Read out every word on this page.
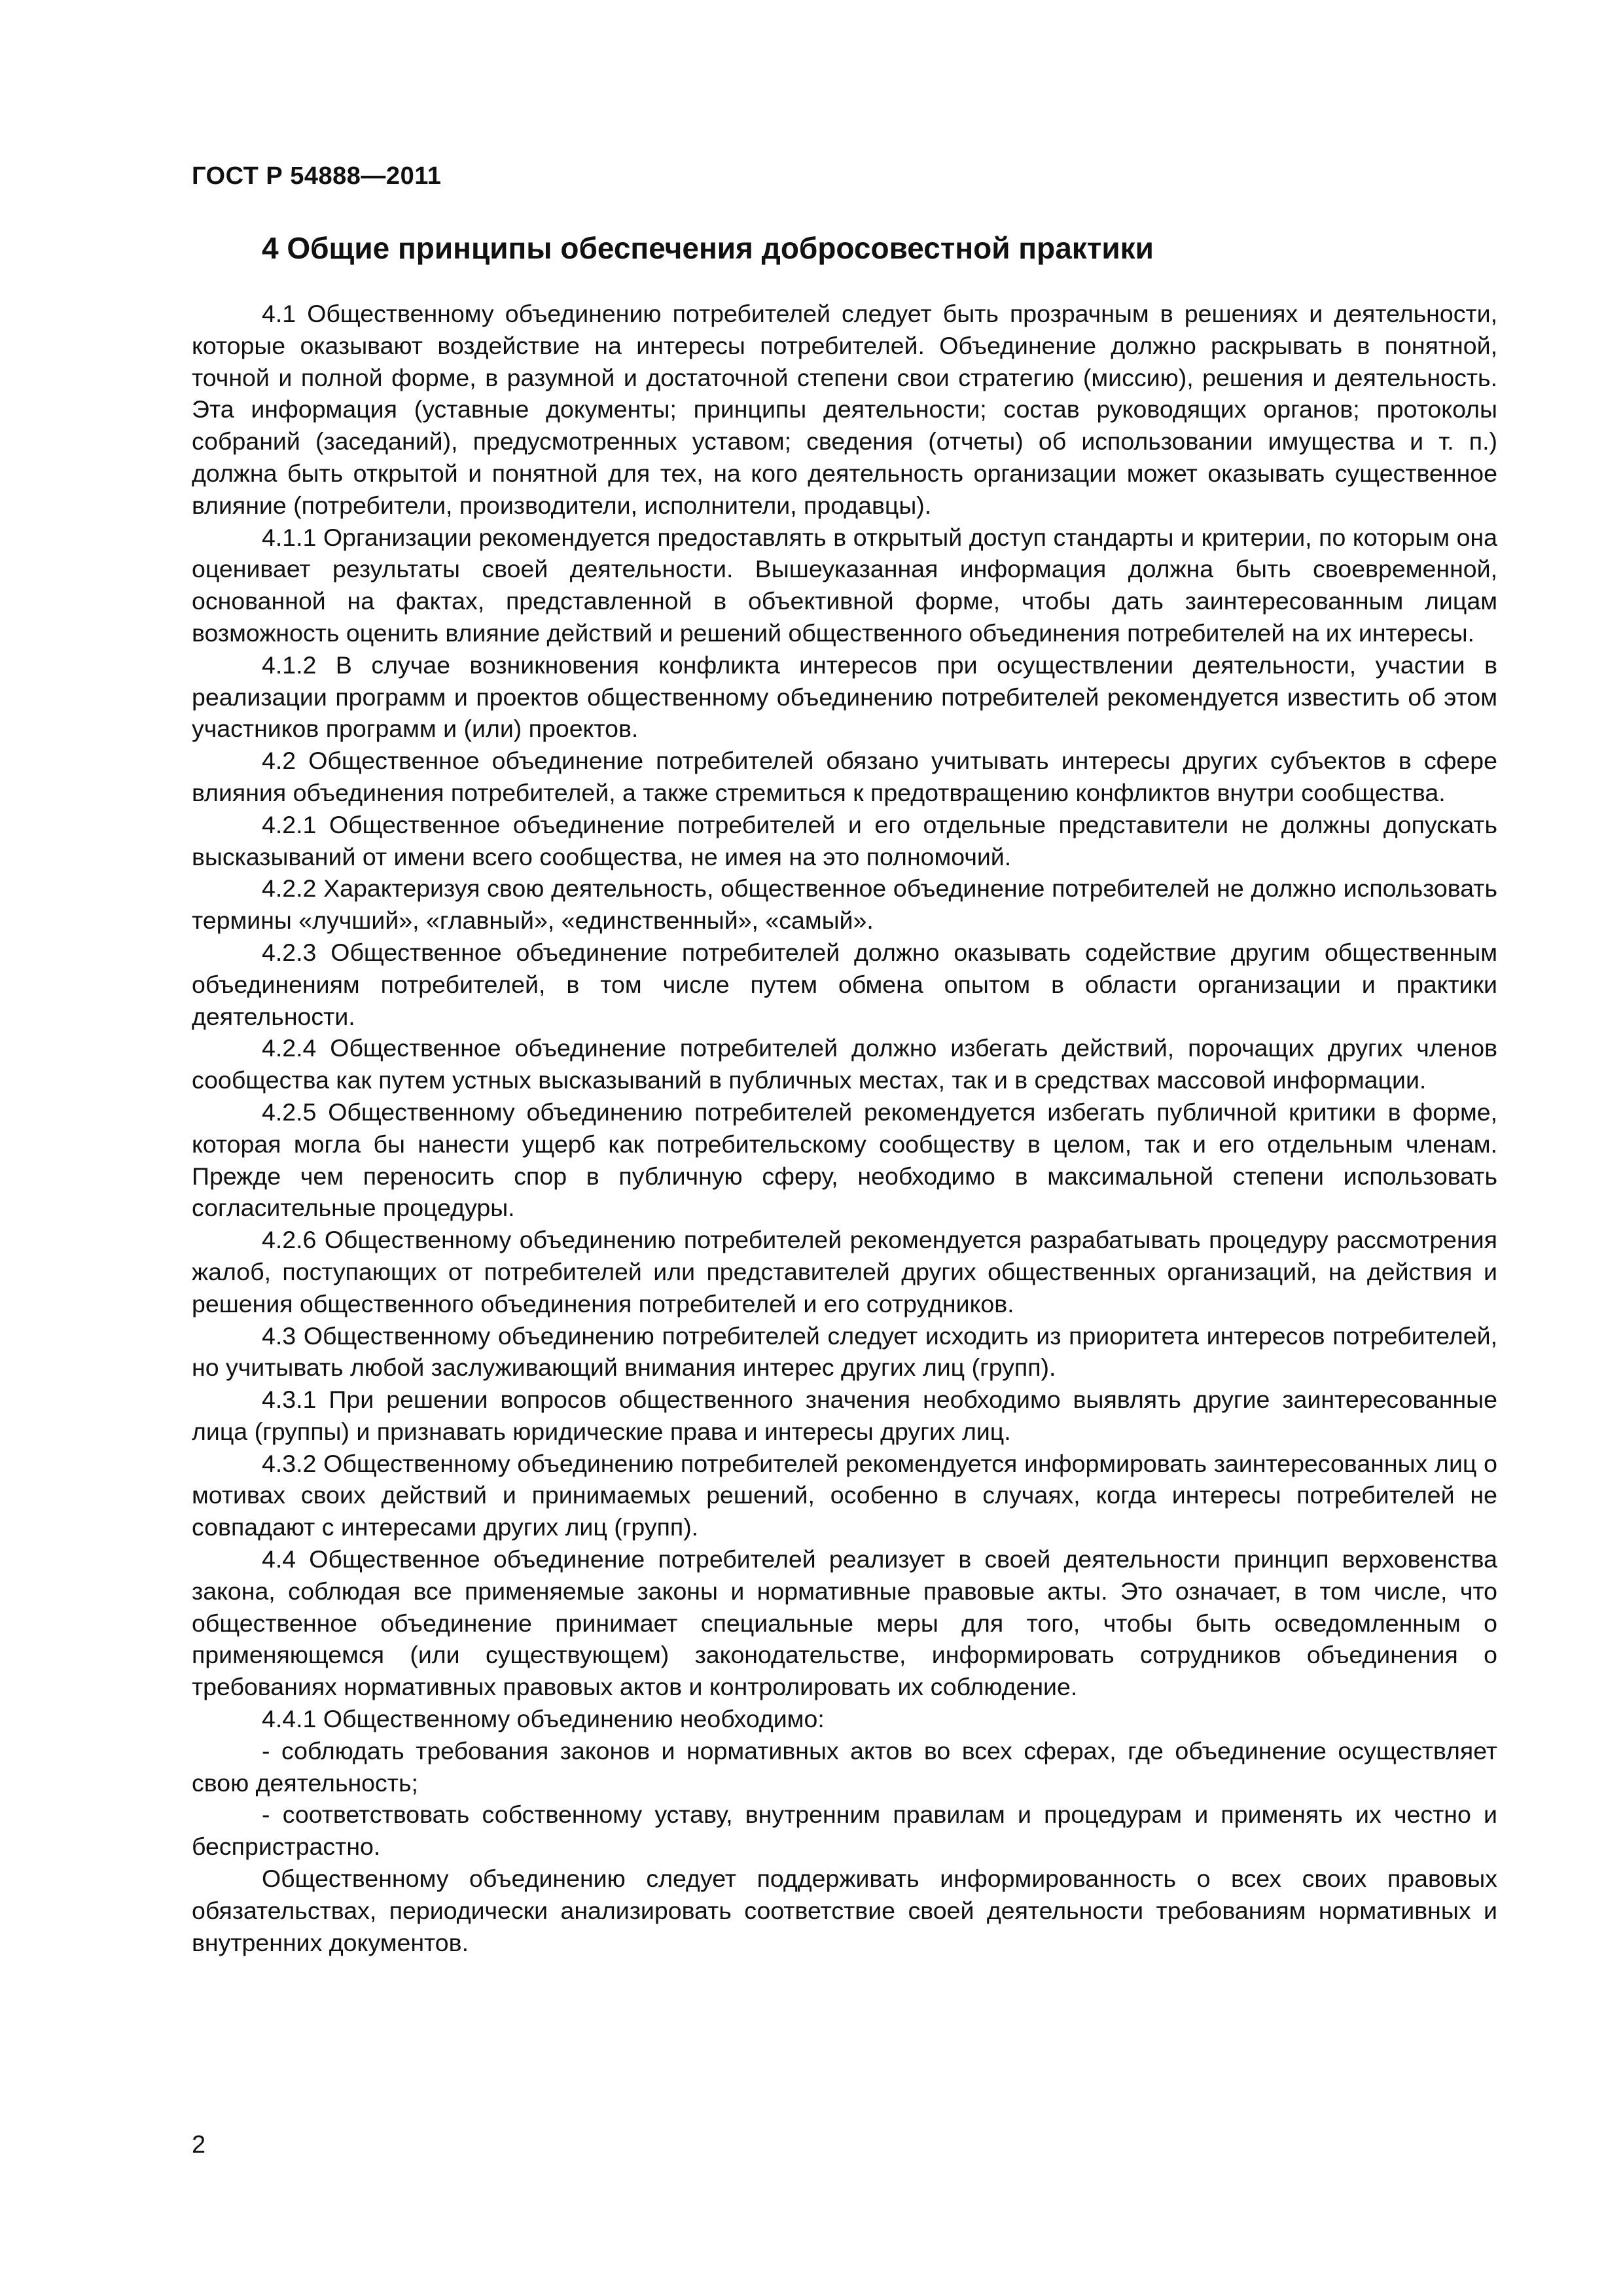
ГОСТ Р 54888—2011
4 Общие принципы обеспечения добросовестной практики

4.1 Общественному объединению потребителей следует быть прозрачным в решениях и деятельности, которые оказывают воздействие на интересы потребителей. Объединение должно раскрывать в понятной, точной и полной форме, в разумной и достаточной степени свои стратегию (миссию), решения и деятельность. Эта информация (уставные документы; принципы деятельности; состав руководящих органов; протоколы собраний (заседаний), предусмотренных уставом; сведения (отчеты) об использовании имущества и т. п.) должна быть открытой и понятной для тех, на кого деятельность организации может оказывать существенное влияние (потребители, производители, исполнители, продавцы).

4.1.1 Организации рекомендуется предоставлять в открытый доступ стандарты и критерии, по которым она оценивает результаты своей деятельности. Вышеуказанная информация должна быть своевременной, основанной на фактах, представленной в объективной форме, чтобы дать заинтересованным лицам возможность оценить влияние действий и решений общественного объединения потребителей на их интересы.

4.1.2 В случае возникновения конфликта интересов при осуществлении деятельности, участии в реализации программ и проектов общественному объединению потребителей рекомендуется известить об этом участников программ и (или) проектов.

4.2 Общественное объединение потребителей обязано учитывать интересы других субъектов в сфере влияния объединения потребителей, а также стремиться к предотвращению конфликтов внутри сообщества.

4.2.1 Общественное объединение потребителей и его отдельные представители не должны допускать высказываний от имени всего сообщества, не имея на это полномочий.

4.2.2 Характеризуя свою деятельность, общественное объединение потребителей не должно использовать термины «лучший», «главный», «единственный», «самый».

4.2.3 Общественное объединение потребителей должно оказывать содействие другим общественным объединениям потребителей, в том числе путем обмена опытом в области организации и практики деятельности.

4.2.4 Общественное объединение потребителей должно избегать действий, порочащих других членов сообщества как путем устных высказываний в публичных местах, так и в средствах массовой информации.

4.2.5 Общественному объединению потребителей рекомендуется избегать публичной критики в форме, которая могла бы нанести ущерб как потребительскому сообществу в целом, так и его отдельным членам. Прежде чем переносить спор в публичную сферу, необходимо в максимальной степени использовать согласительные процедуры.

4.2.6 Общественному объединению потребителей рекомендуется разрабатывать процедуру рассмотрения жалоб, поступающих от потребителей или представителей других общественных организаций, на действия и решения общественного объединения потребителей и его сотрудников.

4.3 Общественному объединению потребителей следует исходить из приоритета интересов потребителей, но учитывать любой заслуживающий внимания интерес других лиц (групп).

4.3.1 При решении вопросов общественного значения необходимо выявлять другие заинтересованные лица (группы) и признавать юридические права и интересы других лиц.

4.3.2 Общественному объединению потребителей рекомендуется информировать заинтересованных лиц о мотивах своих действий и принимаемых решений, особенно в случаях, когда интересы потребителей не совпадают с интересами других лиц (групп).

4.4 Общественное объединение потребителей реализует в своей деятельности принцип верховенства закона, соблюдая все применяемые законы и нормативные правовые акты. Это означает, в том числе, что общественное объединение принимает специальные меры для того, чтобы быть осведомленным о применяющемся (или существующем) законодательстве, информировать сотрудников объединения о требованиях нормативных правовых актов и контролировать их соблюдение.

4.4.1 Общественному объединению необходимо:

- соблюдать требования законов и нормативных актов во всех сферах, где объединение осуществляет свою деятельность;

- соответствовать собственному уставу, внутренним правилам и процедурам и применять их честно и беспристрастно.

Общественному объединению следует поддерживать информированность о всех своих правовых обязательствах, периодически анализировать соответствие своей деятельности требованиям нормативных и внутренних документов.

2
